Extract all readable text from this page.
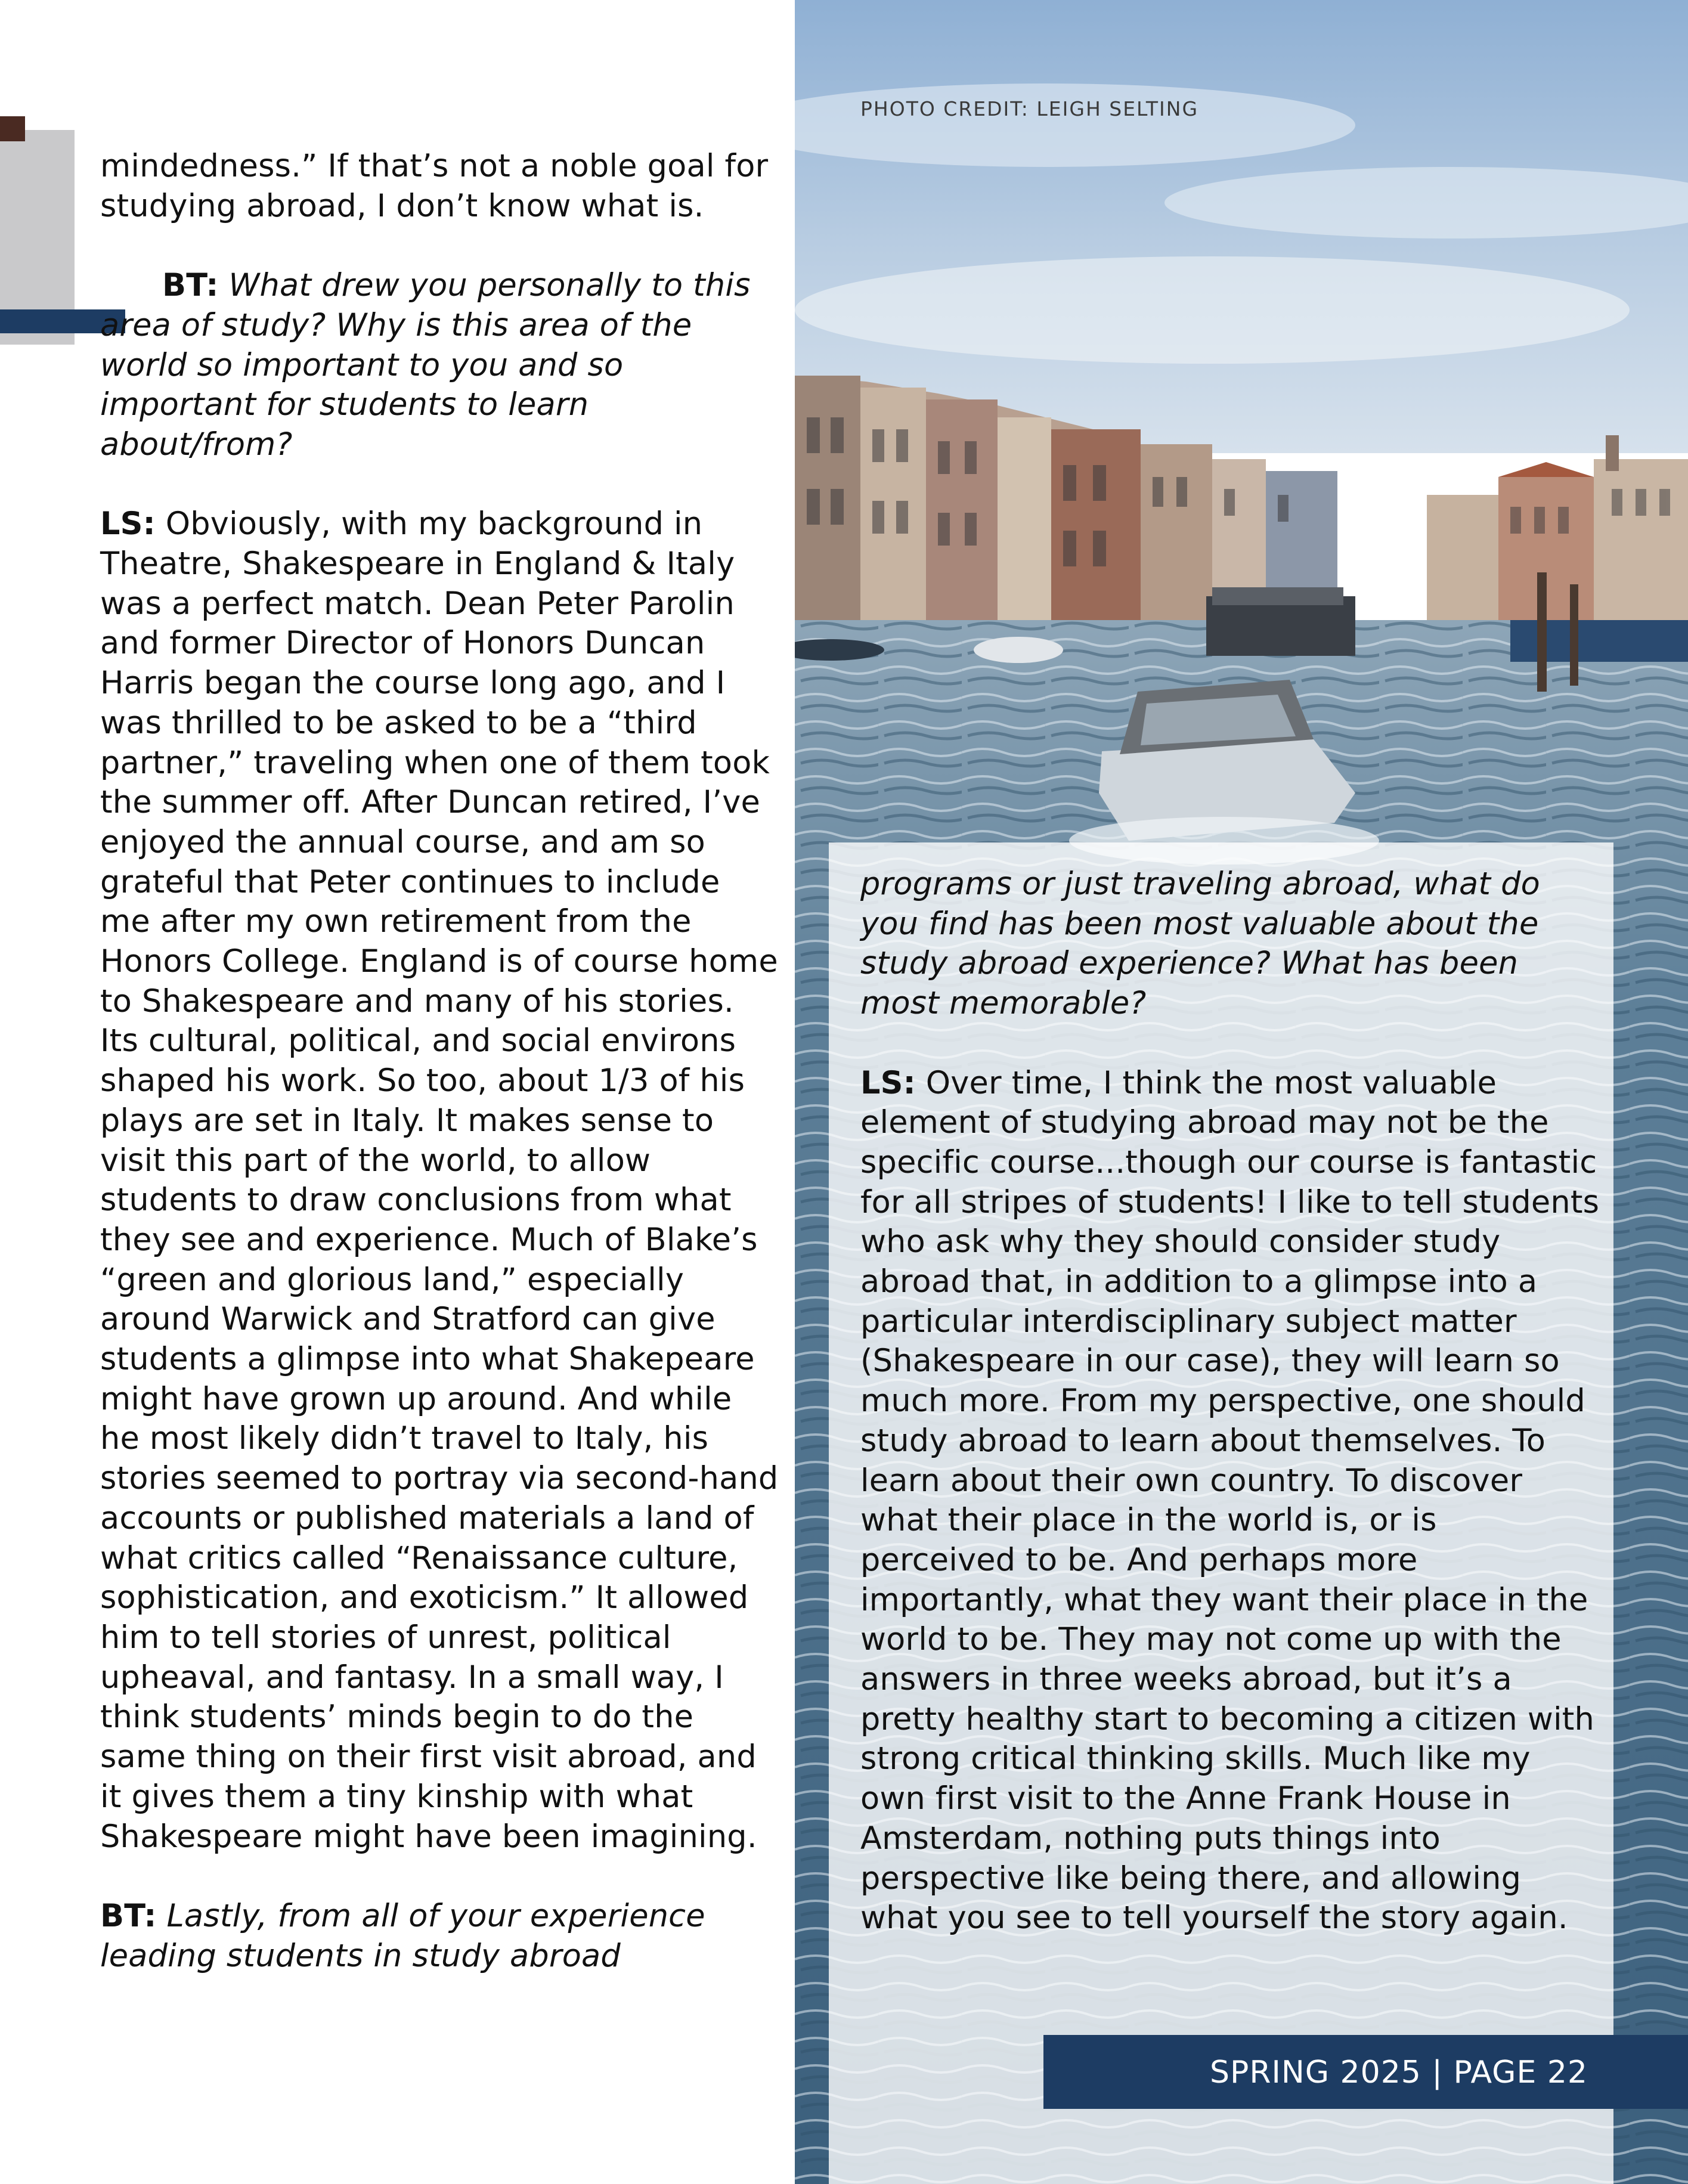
mindedness.” If that’s not a noble goal for studying abroad, I don’t know what is.

BT: What drew you personally to this area of study? Why is this area of the world so important to you and so important for students to learn about/from?

LS: Obviously, with my background in Theatre, Shakespeare in England & Italy was a perfect match. Dean Peter Parolin and former Director of Honors Duncan Harris began the course long ago, and I was thrilled to be asked to be a “third partner,” traveling when one of them took the summer off. After Duncan retired, I’ve enjoyed the annual course, and am so grateful that Peter continues to include me after my own retirement from the Honors College. England is of course home to Shakespeare and many of his stories. Its cultural, political, and social environs shaped his work. So too, about 1/3 of his plays are set in Italy. It makes sense to visit this part of the world, to allow students to draw conclusions from what they see and experience. Much of Blake’s “green and glorious land,” especially around Warwick and Stratford can give students a glimpse into what Shakepeare might have grown up around. And while he most likely didn’t travel to Italy, his stories seemed to portray via second-hand accounts or published materials a land of what critics called “Renaissance culture, sophistication, and exoticism.” It allowed him to tell stories of unrest, political upheaval, and fantasy. In a small way, I think students’ minds begin to do the same thing on their first visit abroad, and it gives them a tiny kinship with what Shakespeare might have been imagining.

BT: Lastly, from all of your experience leading students in study abroad

PHOTO CREDIT: LEIGH SELTING

programs or just traveling abroad, what do you find has been most valuable about the study abroad experience? What has been most memorable?

LS: Over time, I think the most valuable element of studying abroad may not be the specific course...though our course is fantastic for all stripes of students! I like to tell students who ask why they should consider study abroad that, in addition to a glimpse into a particular interdisciplinary subject matter (Shakespeare in our case), they will learn so much more. From my perspective, one should study abroad to learn about themselves. To learn about their own country. To discover what their place in the world is, or is perceived to be. And perhaps more importantly, what they want their place in the world to be. They may not come up with the answers in three weeks abroad, but it’s a pretty healthy start to becoming a citizen with strong critical thinking skills. Much like my own first visit to the Anne Frank House in Amsterdam, nothing puts things into perspective like being there, and allowing what you see to tell yourself the story again.

SPRING 2025 | PAGE 22
